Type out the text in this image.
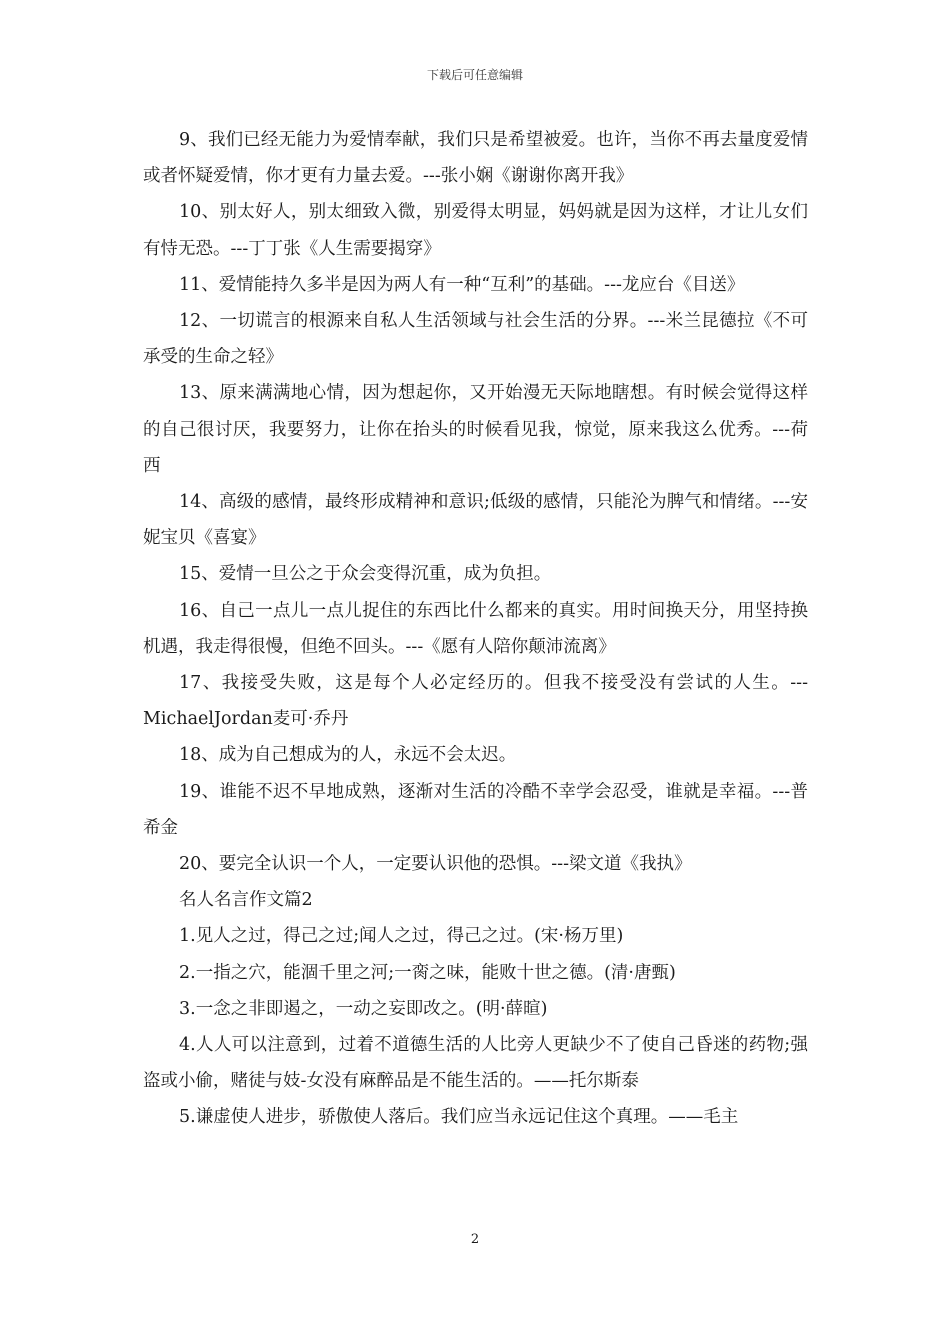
下载后可任意编辑

9、我们已经无能力为爱情奉献，我们只是希望被爱。也许，当你不再去量度爱情或者怀疑爱情，你才更有力量去爱。---张小娴《谢谢你离开我》

10、别太好人，别太细致入微，别爱得太明显，妈妈就是因为这样，才让儿女们有恃无恐。---丁丁张《人生需要揭穿》

11、爱情能持久多半是因为两人有一种“互利”的基础。---龙应台《目送》

12、一切谎言的根源来自私人生活领域与社会生活的分界。---米兰昆德拉《不可承受的生命之轻》

13、原来满满地心情，因为想起你，又开始漫无天际地瞎想。有时候会觉得这样的自己很讨厌，我要努力，让你在抬头的时候看见我，惊觉，原来我这么优秀。---荷西

14、高级的感情，最终形成精神和意识;低级的感情，只能沦为脾气和情绪。---安妮宝贝《喜宴》

15、爱情一旦公之于众会变得沉重，成为负担。

16、自己一点儿一点儿捉住的东西比什么都来的真实。用时间换天分，用坚持换机遇，我走得很慢，但绝不回头。---《愿有人陪你颠沛流离》

17、我接受失败，这是每个人必定经历的。但我不接受没有尝试的人生。---MichaelJordan麦可·乔丹

18、成为自己想成为的人，永远不会太迟。

19、谁能不迟不早地成熟，逐渐对生活的冷酷不幸学会忍受，谁就是幸福。---普希金

20、要完全认识一个人，一定要认识他的恐惧。---梁文道《我执》

名人名言作文篇2

1.见人之过，得己之过;闻人之过，得己之过。(宋·杨万里)

2.一指之穴，能涸千里之河;一脔之味，能败十世之德。(清·唐甄)

3.一念之非即遏之，一动之妄即改之。(明·薛暄)

4.人人可以注意到，过着不道德生活的人比旁人更缺少不了使自己昏迷的药物;强盗或小偷，赌徒与妓-女没有麻醉品是不能生活的。——托尔斯泰

5.谦虚使人进步，骄傲使人落后。我们应当永远记住这个真理。——毛主

2
